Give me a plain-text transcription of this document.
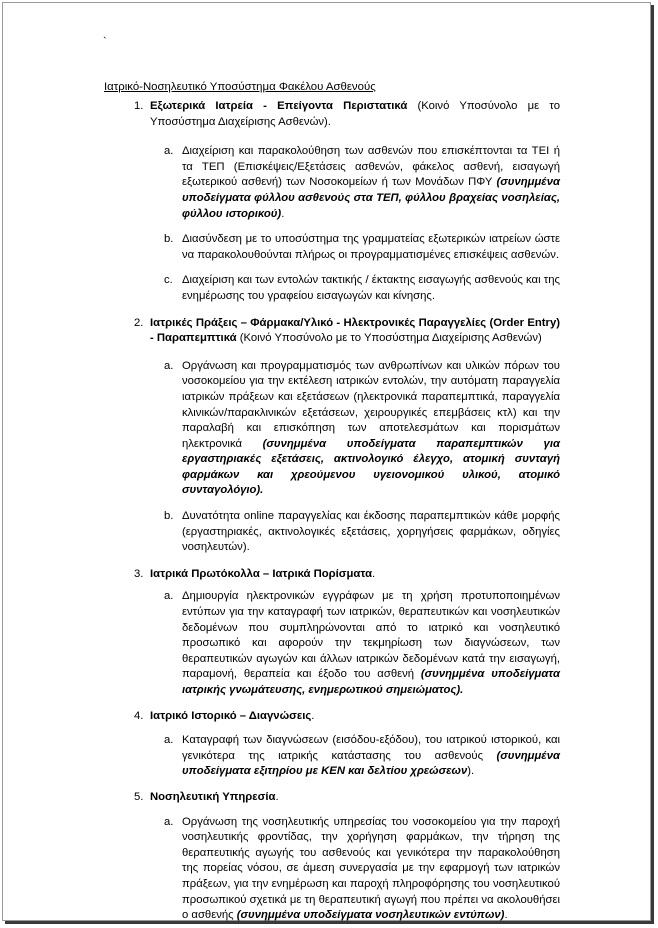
`
Ιατρικό-Νοσηλευτικό Υποσύστημα Φακέλου Ασθενούς
1. Εξωτερικά Ιατρεία - Επείγοντα Περιστατικά (Κοινό Υποσύνολο με το Υποσύστημα Διαχείρισης Ασθενών).
a. Διαχείριση και παρακολούθηση των ασθενών που επισκέπτονται τα ΤΕΙ ή τα ΤΕΠ (Επισκέψεις/Εξετάσεις ασθενών, φάκελος ασθενή, εισαγωγή εξωτερικού ασθενή) των Νοσοκομείων ή των Μονάδων ΠΦΥ (συνημμένα υποδείγματα φύλλου ασθενούς στα ΤΕΠ, φύλλου βραχείας νοσηλείας, φύλλου ιστορικού).
b. Διασύνδεση με το υποσύστημα της γραμματείας εξωτερικών ιατρείων ώστε να παρακολουθούνται πλήρως οι προγραμματισμένες επισκέψεις ασθενών.
c. Διαχείριση και των εντολών τακτικής / έκτακτης εισαγωγής ασθενούς και της ενημέρωσης του γραφείου εισαγωγών και κίνησης.
2. Ιατρικές Πράξεις – Φάρμακα/Υλικό - Ηλεκτρονικές Παραγγελίες (Order Entry) - Παραπεμπτικά (Κοινό Υποσύνολο με το Υποσύστημα Διαχείρισης Ασθενών)
a. Οργάνωση και προγραμματισμός των ανθρωπίνων και υλικών πόρων του νοσοκομείου για την εκτέλεση ιατρικών εντολών, την αυτόματη παραγγελία ιατρικών πράξεων και εξετάσεων (ηλεκτρονικά παραπεμπτικά, παραγγελία κλινικών/παρακλινικών εξετάσεων, χειρουργικές επεμβάσεις κτλ) και την παραλαβή και επισκόπηση των αποτελεσμάτων και πορισμάτων ηλεκτρονικά (συνημμένα υποδείγματα παραπεμπτικών για εργαστηριακές εξετάσεις, ακτινολογικό έλεγχο, ατομική συνταγή φαρμάκων και χρεούμενου υγειονομικού υλικού, ατομικό συνταγολόγιο).
b. Δυνατότητα online παραγγελίας και έκδοσης παραπεμπτικών κάθε μορφής (εργαστηριακές, ακτινολογικές εξετάσεις, χορηγήσεις φαρμάκων, οδηγίες νοσηλευτών).
3. Ιατρικά Πρωτόκολλα – Ιατρικά Πορίσματα.
a. Δημιουργία ηλεκτρονικών εγγράφων με τη χρήση προτυποποιημένων εντύπων για την καταγραφή των ιατρικών, θεραπευτικών και νοσηλευτικών δεδομένων που συμπληρώνονται από το ιατρικό και νοσηλευτικό προσωπικό και αφορούν την τεκμηρίωση των διαγνώσεων, των θεραπευτικών αγωγών και άλλων ιατρικών δεδομένων κατά την εισαγωγή, παραμονή, θεραπεία και έξοδο του ασθενή (συνημμένα υποδείγματα ιατρικής γνωμάτευσης, ενημερωτικού σημειώματος).
4. Ιατρικό Ιστορικό – Διαγνώσεις.
a. Καταγραφή των διαγνώσεων (εισόδου-εξόδου), του ιατρικού ιστορικού, και γενικότερα της ιατρικής κατάστασης του ασθενούς (συνημμένα υποδείγματα εξιτηρίου με ΚΕΝ και δελτίου χρεώσεων).
5. Νοσηλευτική Υπηρεσία.
a. Οργάνωση της νοσηλευτικής υπηρεσίας του νοσοκομείου για την παροχή νοσηλευτικής φροντίδας, την χορήγηση φαρμάκων, την τήρηση της θεραπευτικής αγωγής του ασθενούς και γενικότερα την παρακολούθηση της πορείας νόσου, σε άμεση συνεργασία με την εφαρμογή των ιατρικών πράξεων, για την ενημέρωση και παροχή πληροφόρησης του νοσηλευτικού προσωπικού σχετικά με τη θεραπευτική αγωγή που πρέπει να ακολουθήσει ο ασθενής (συνημμένα υποδείγματα νοσηλευτικών εντύπων).
